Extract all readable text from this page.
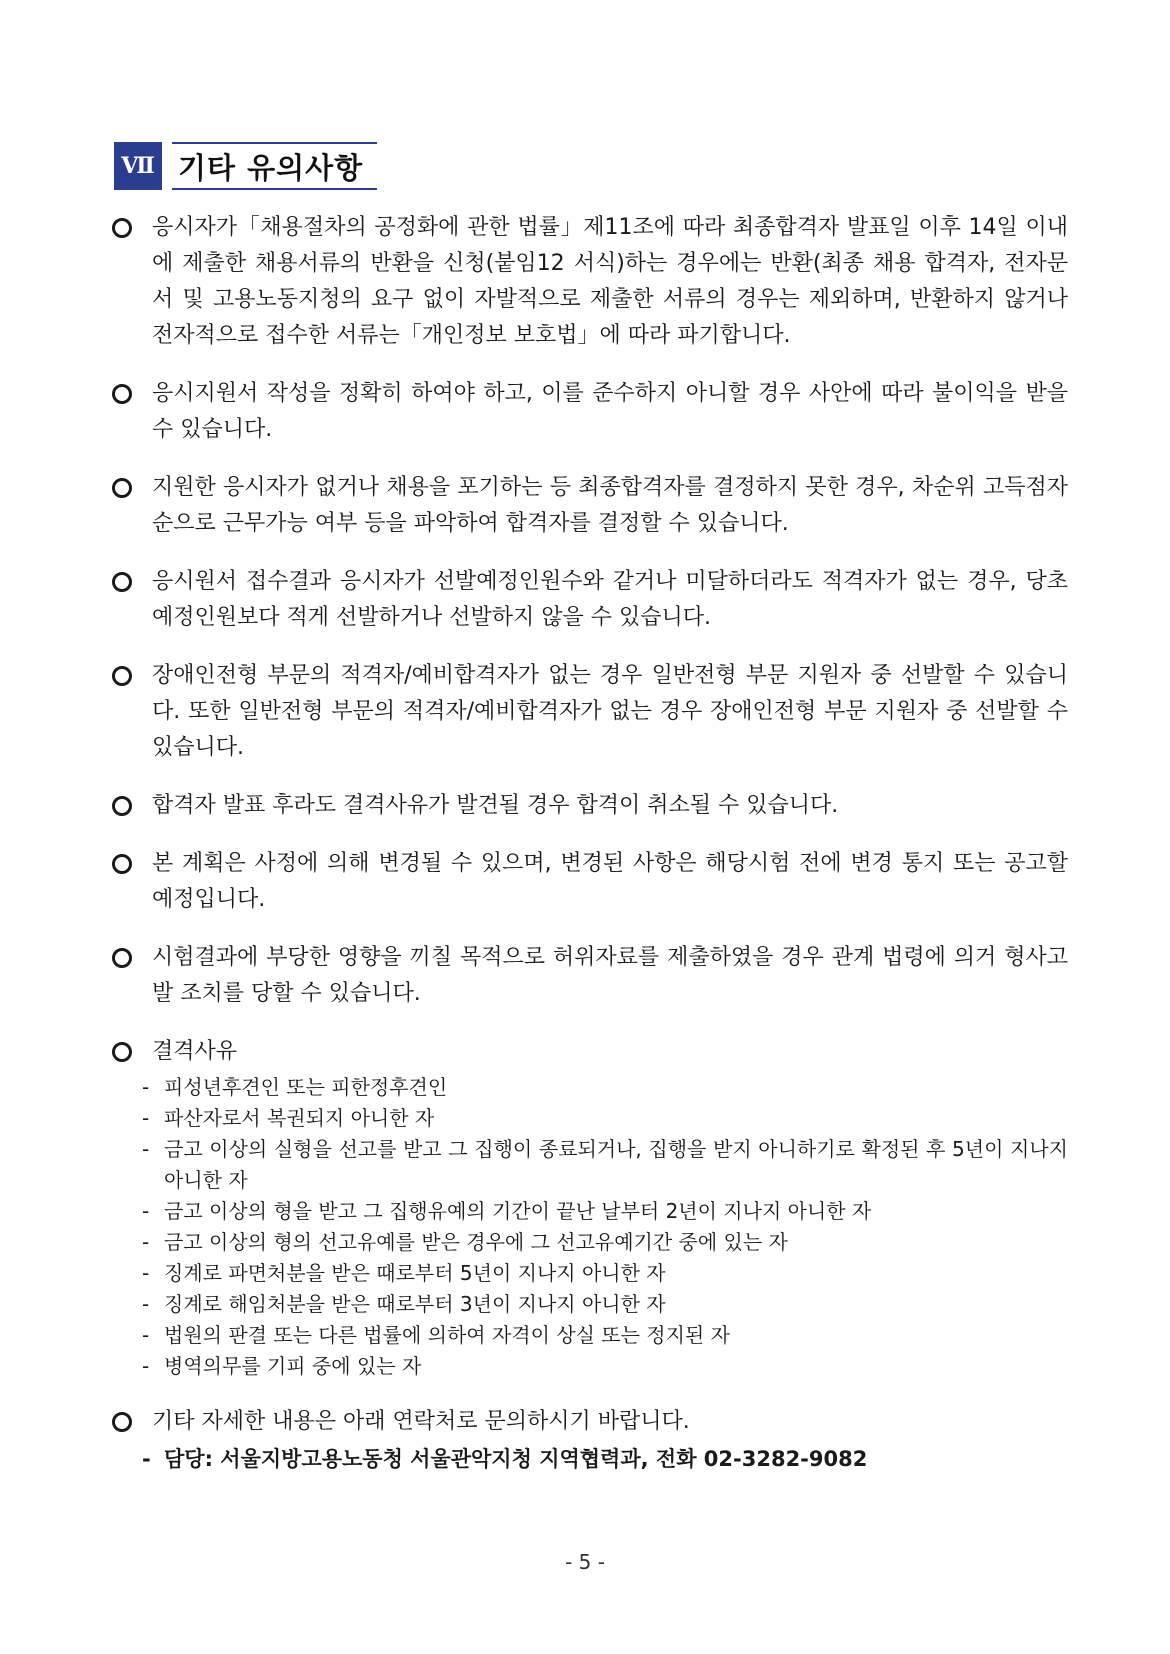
Ⅶ 기타 유의사항
응시자가「채용절차의 공정화에 관한 법률」제11조에 따라 최종합격자 발표일 이후 14일 이내에 제출한 채용서류의 반환을 신청(붙임12 서식)하는 경우에는 반환(최종 채용 합격자, 전자문서 및 고용노동지청의 요구 없이 자발적으로 제출한 서류의 경우는 제외하며, 반환하지 않거나 전자적으로 접수한 서류는「개인정보 보호법」에 따라 파기합니다.
응시지원서 작성을 정확히 하여야 하고, 이를 준수하지 아니할 경우 사안에 따라 불이익을 받을 수 있습니다.
지원한 응시자가 없거나 채용을 포기하는 등 최종합격자를 결정하지 못한 경우, 차순위 고득점자 순으로 근무가능 여부 등을 파악하여 합격자를 결정할 수 있습니다.
응시원서 접수결과 응시자가 선발예정인원수와 같거나 미달하더라도 적격자가 없는 경우, 당초 예정인원보다 적게 선발하거나 선발하지 않을 수 있습니다.
장애인전형 부문의 적격자/예비합격자가 없는 경우 일반전형 부문 지원자 중 선발할 수 있습니다. 또한 일반전형 부문의 적격자/예비합격자가 없는 경우 장애인전형 부문 지원자 중 선발할 수 있습니다.
합격자 발표 후라도 결격사유가 발견될 경우 합격이 취소될 수 있습니다.
본 계획은 사정에 의해 변경될 수 있으며, 변경된 사항은 해당시험 전에 변경 통지 또는 공고할 예정입니다.
시험결과에 부당한 영향을 끼칠 목적으로 허위자료를 제출하였을 경우 관계 법령에 의거 형사고발 조치를 당할 수 있습니다.
결격사유
- 피성년후견인 또는 피한정후견인
- 파산자로서 복권되지 아니한 자
- 금고 이상의 실형을 선고를 받고 그 집행이 종료되거나, 집행을 받지 아니하기로 확정된 후 5년이 지나지 아니한 자
- 금고 이상의 형을 받고 그 집행유예의 기간이 끝난 날부터 2년이 지나지 아니한 자
- 금고 이상의 형의 선고유예를 받은 경우에 그 선고유예기간 중에 있는 자
- 징계로 파면처분을 받은 때로부터 5년이 지나지 아니한 자
- 징계로 해임처분을 받은 때로부터 3년이 지나지 아니한 자
- 법원의 판결 또는 다른 법률에 의하여 자격이 상실 또는 정지된 자
- 병역의무를 기피 중에 있는 자
기타 자세한 내용은 아래 연락처로 문의하시기 바랍니다.
- 담당: 서울지방고용노동청 서울관악지청 지역협력과, 전화 02-3282-9082
- 5 -
